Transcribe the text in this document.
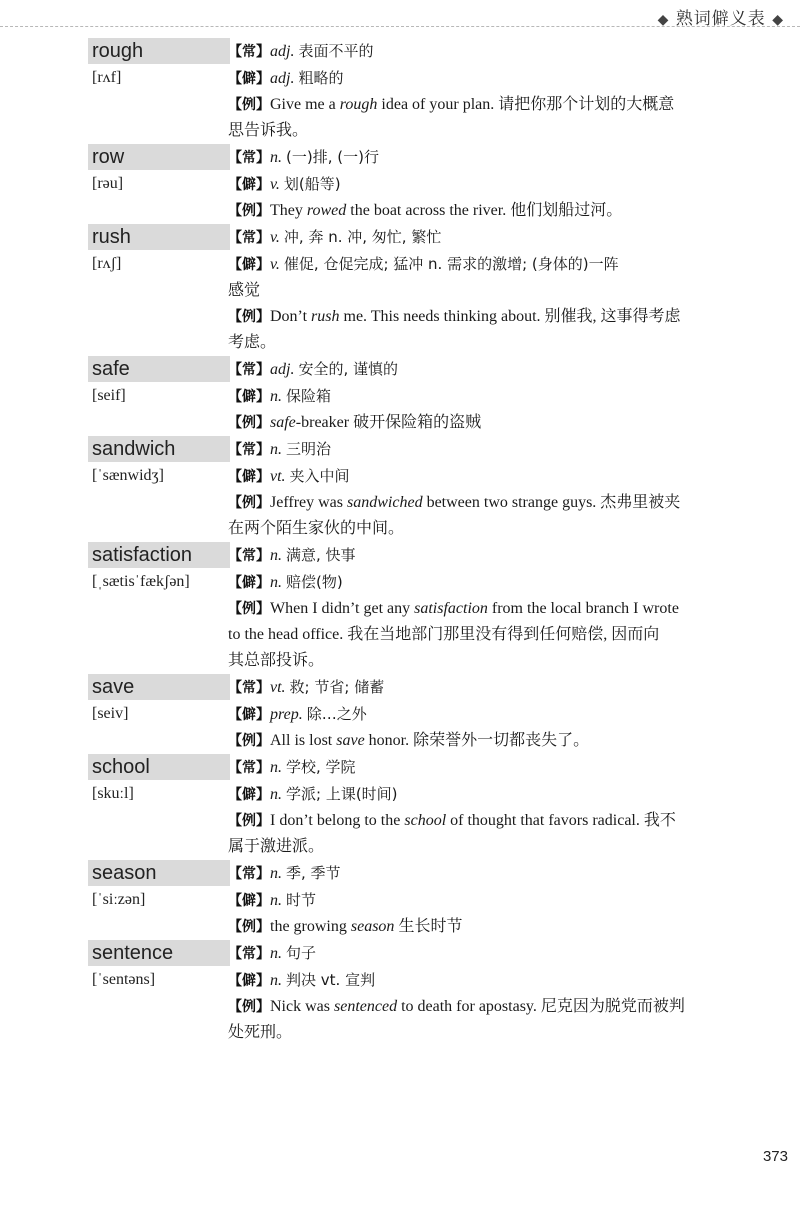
◆ 熟词僻义表 ◆
rough
[rʌf]
【常】adj. 表面不平的
【僻】adj. 粗略的
【例】Give me a rough idea of your plan. 请把你那个计划的大概意
思告诉我。
row
[rəu]
【常】n. (一)排, (一)行
【僻】v. 划(船等)
【例】They rowed the boat across the river. 他们划船过河。
rush
[rʌʃ]
【常】v. 冲, 奔 n. 冲, 匆忙, 繁忙
【僻】v. 催促, 仓促完成; 猛冲 n. 需求的激增; (身体的)一阵
感觉
【例】Don’t rush me. This needs thinking about. 别催我, 这事得考虑
考虑。
safe
[seif]
【常】adj. 安全的, 谨慎的
【僻】n. 保险箱
【例】safe-breaker 破开保险箱的盗贼
sandwich
[ˈsænwidʒ]
【常】n. 三明治
【僻】vt. 夹入中间
【例】Jeffrey was sandwiched between two strange guys. 杰弗里被夹
在两个陌生家伙的中间。
satisfaction
[ˌsætisˈfækʃən]
【常】n. 满意, 快事
【僻】n. 赔偿(物)
【例】When I didn’t get any satisfaction from the local branch I wrote
to the head office. 我在当地部门那里没有得到任何赔偿, 因而向
其总部投诉。
save
[seiv]
【常】vt. 救; 节省; 储蓄
【僻】prep. 除…之外
【例】All is lost save honor. 除荣誉外一切都丧失了。
school
[skuːl]
【常】n. 学校, 学院
【僻】n. 学派; 上课(时间)
【例】I don’t belong to the school of thought that favors radical. 我不
属于激进派。
season
[ˈsiːzən]
【常】n. 季, 季节
【僻】n. 时节
【例】the growing season 生长时节
sentence
[ˈsentəns]
【常】n. 句子
【僻】n. 判决 vt. 宣判
【例】Nick was sentenced to death for apostasy. 尼克因为脱党而被判
处死刑。
373
